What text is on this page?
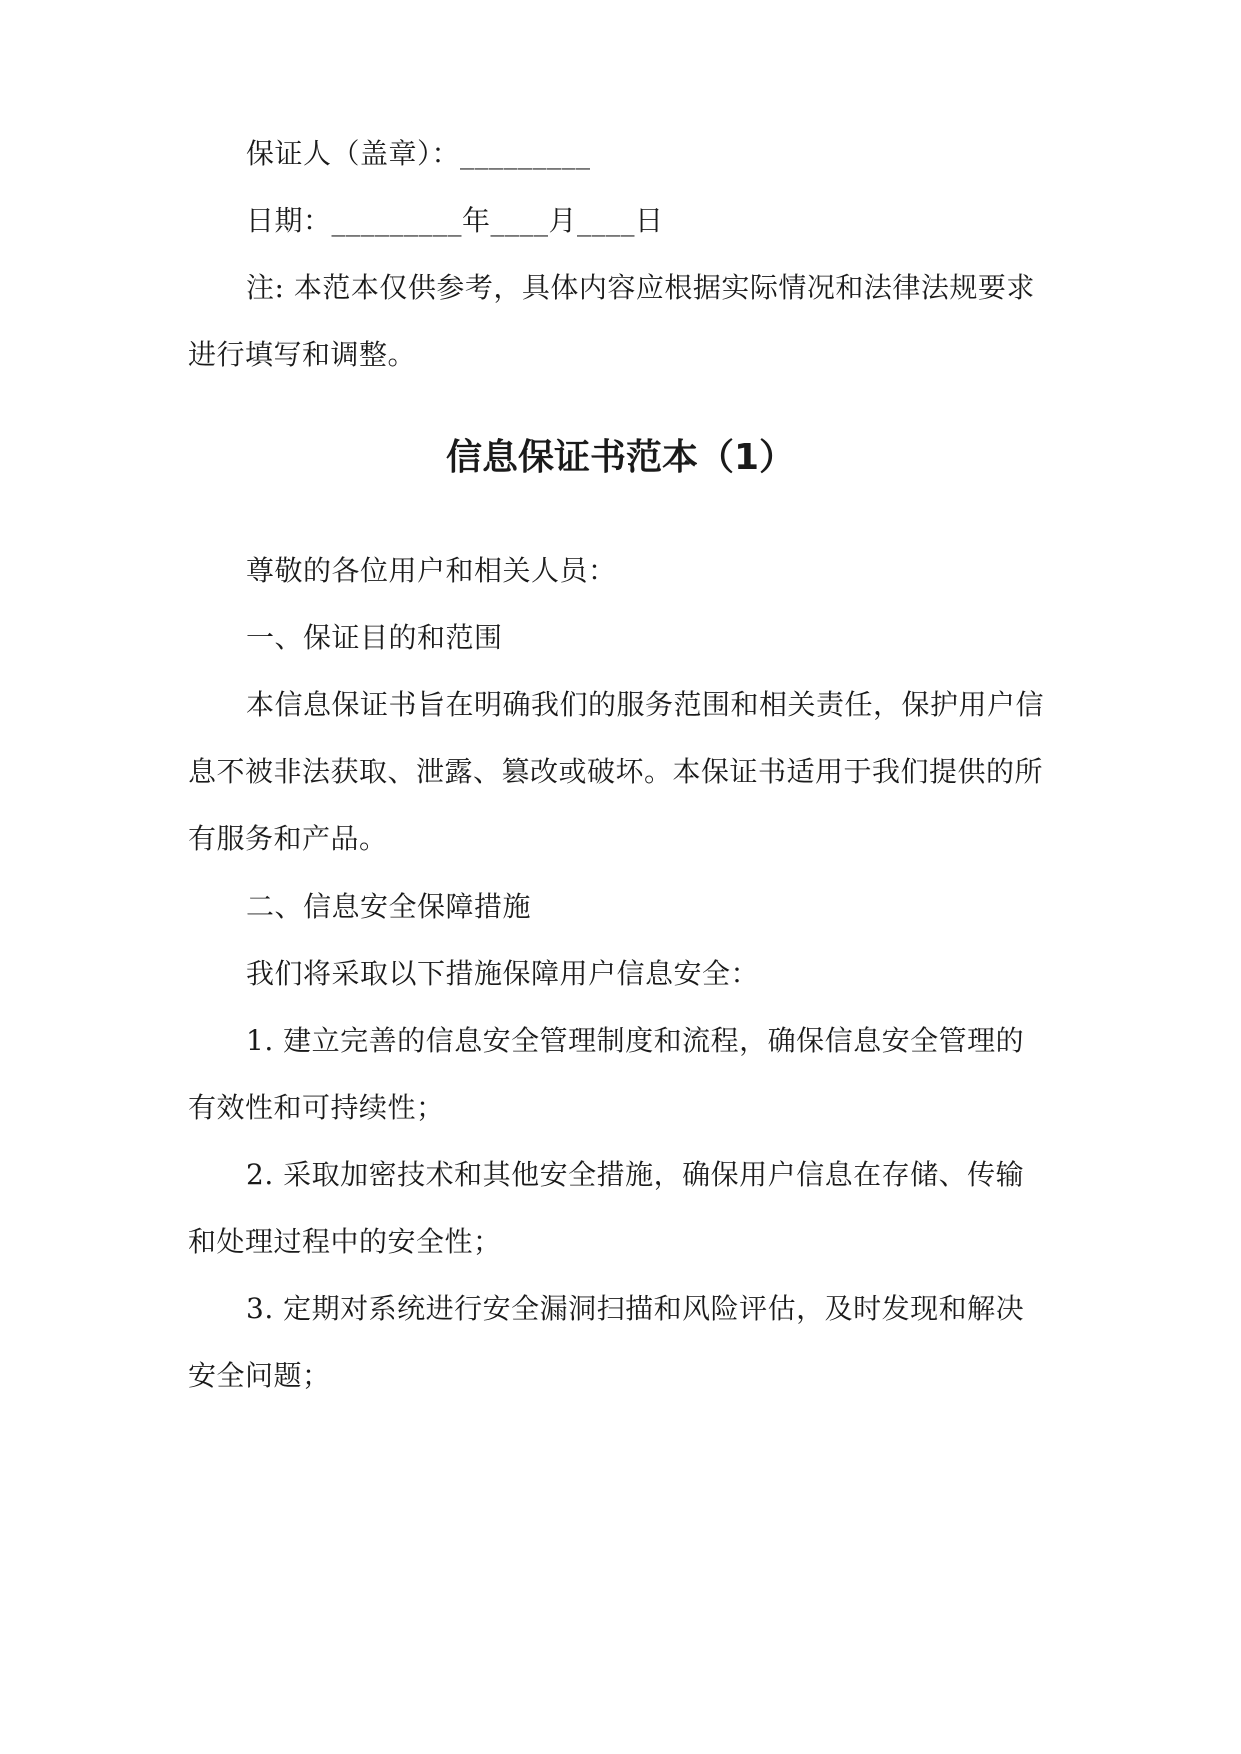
保证人（盖章）：_________
日期：_________年____月____日
注: 本范本仅供参考，具体内容应根据实际情况和法律法规要求
进行填写和调整。
信息保证书范本（1）
尊敬的各位用户和相关人员：
一、保证目的和范围
本信息保证书旨在明确我们的服务范围和相关责任，保护用户信
息不被非法获取、泄露、篡改或破坏。本保证书适用于我们提供的所
有服务和产品。
二、信息安全保障措施
我们将采取以下措施保障用户信息安全：
1. 建立完善的信息安全管理制度和流程，确保信息安全管理的
有效性和可持续性；
2. 采取加密技术和其他安全措施，确保用户信息在存储、传输
和处理过程中的安全性；
3. 定期对系统进行安全漏洞扫描和风险评估，及时发现和解决
安全问题；
